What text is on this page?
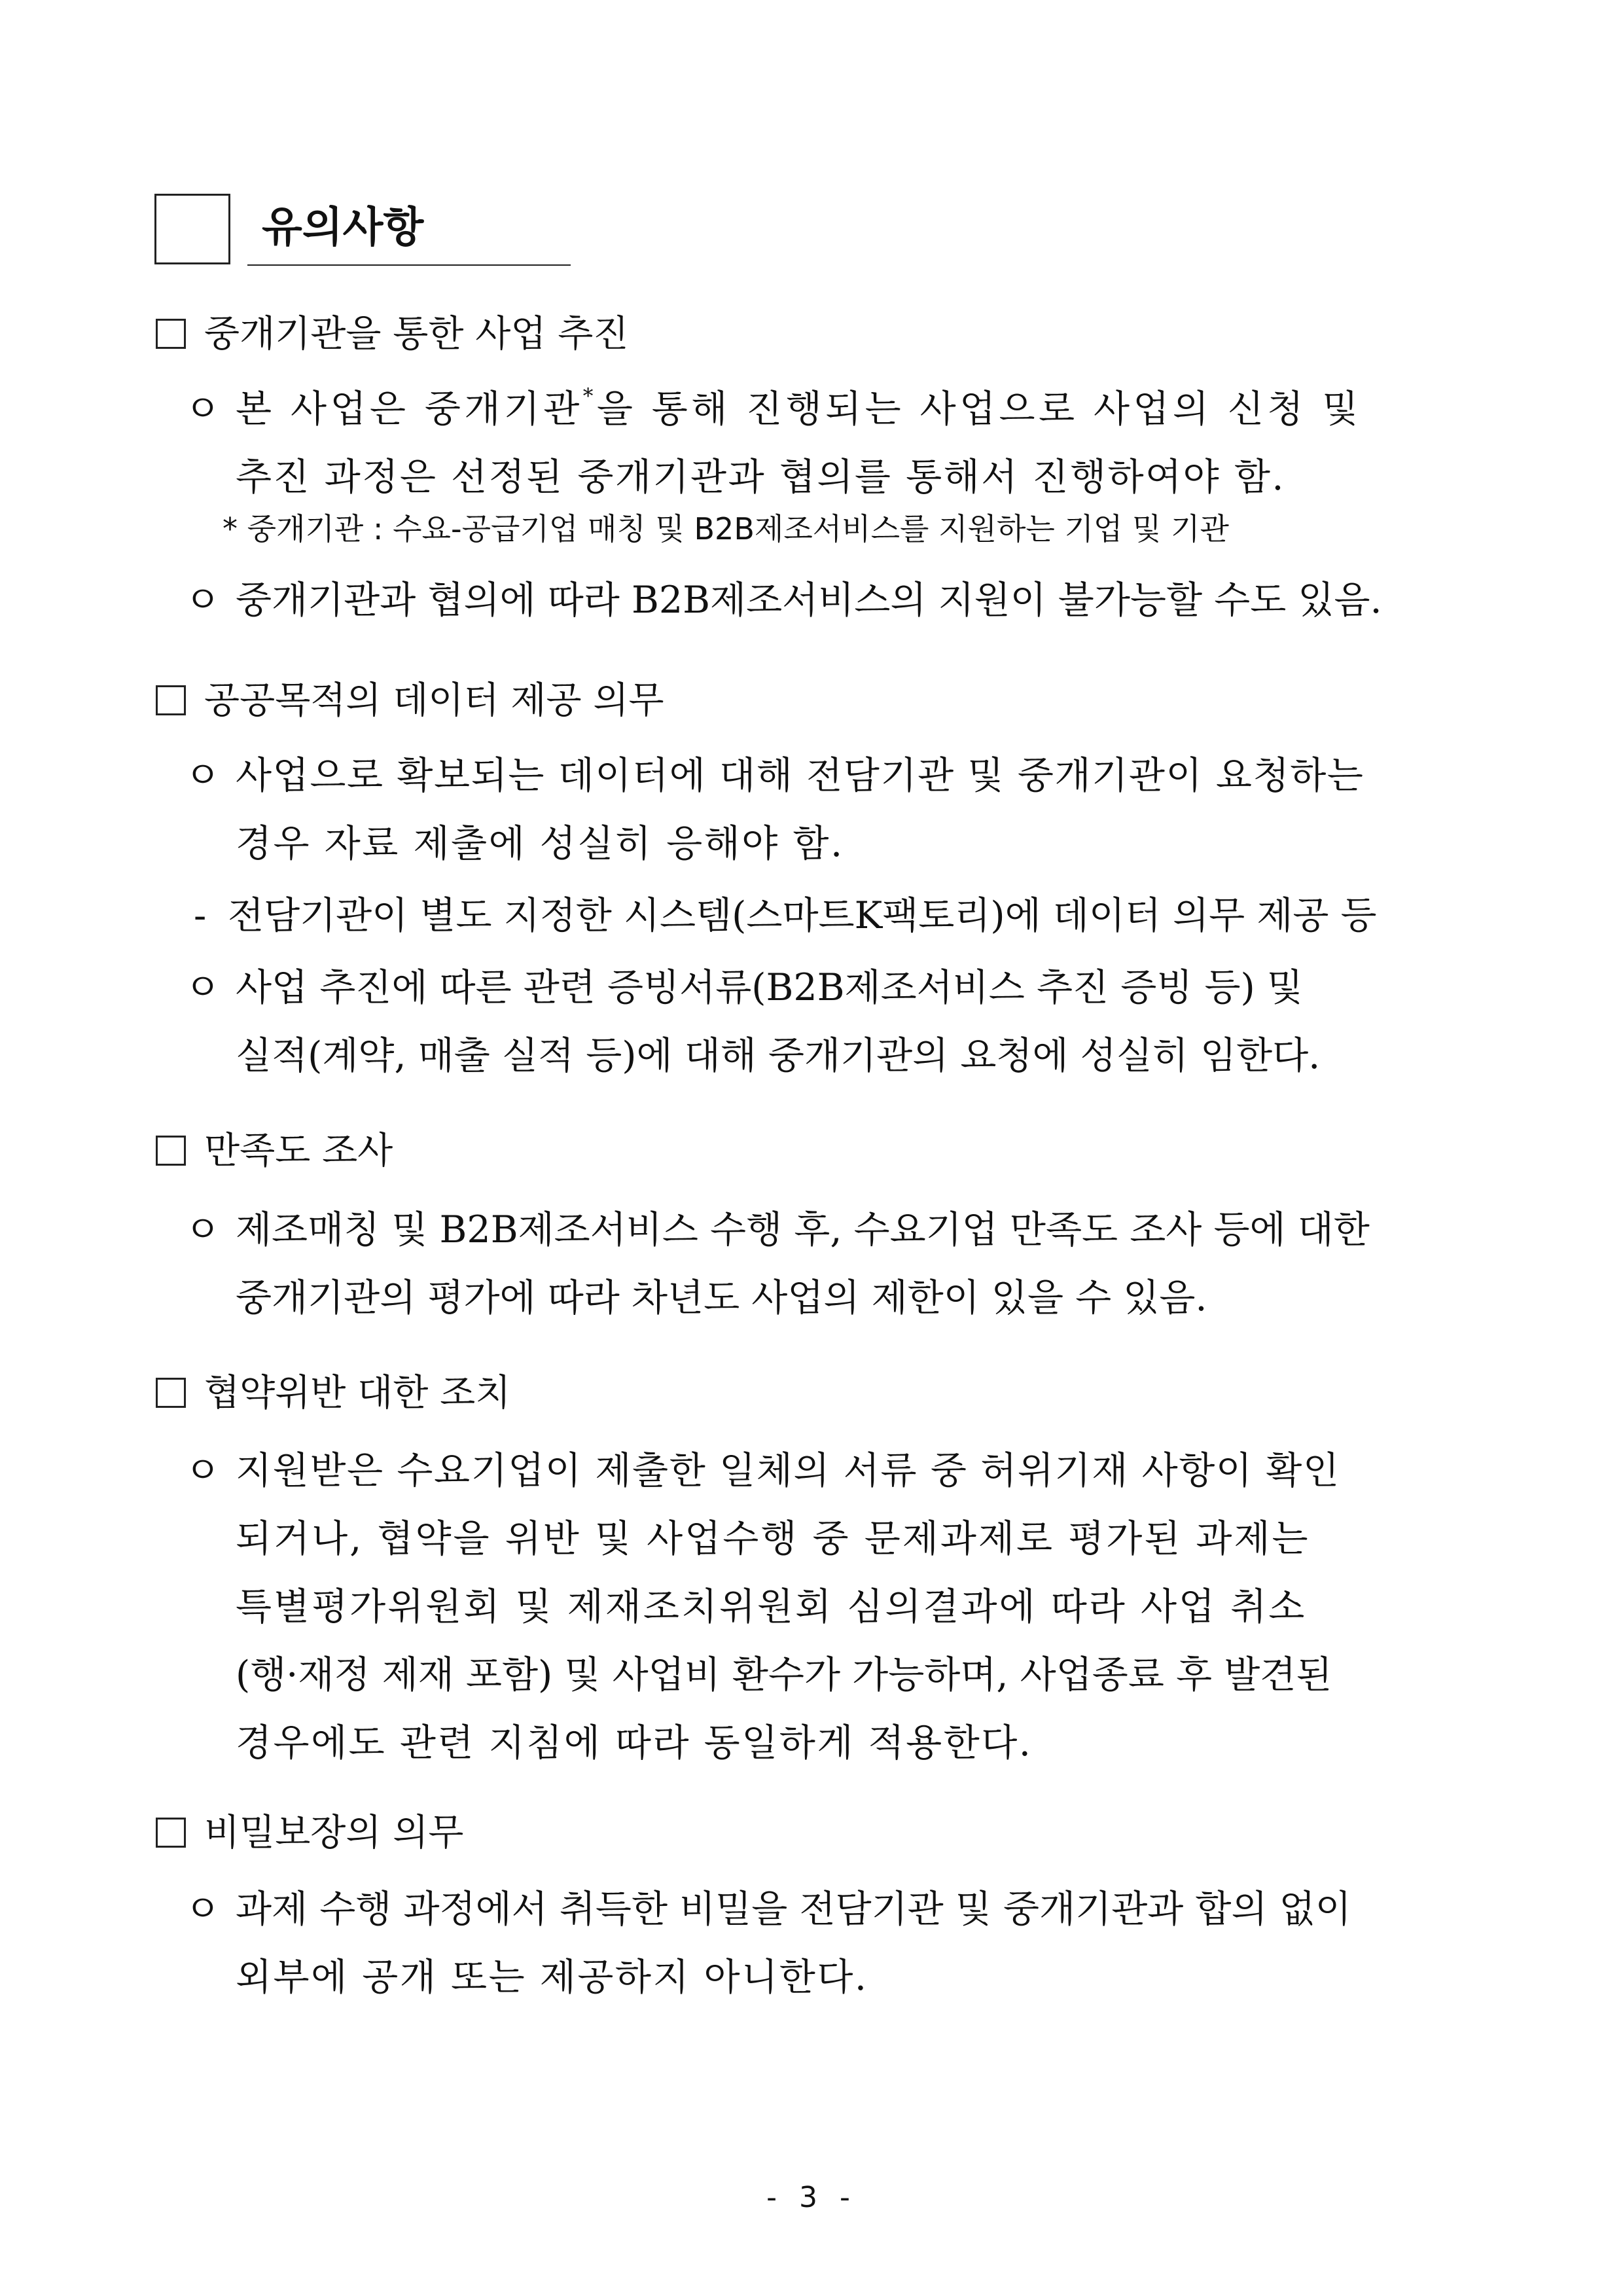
유의사항
중개기관을 통한 사업 추진
ㅇ 본 사업은 중개기관*을 통해 진행되는 사업으로 사업의 신청 및
추진 과정은 선정된 중개기관과 협의를 통해서 진행하여야 함.
* 중개기관 : 수요-공급기업 매칭 및 B2B제조서비스를 지원하는 기업 및 기관
ㅇ 중개기관과 협의에 따라 B2B제조서비스의 지원이 불가능할 수도 있음.
공공목적의 데이터 제공 의무
ㅇ 사업으로 확보되는 데이터에 대해 전담기관 및 중개기관이 요청하는
경우 자료 제출에 성실히 응해야 함.
- 전담기관이 별도 지정한 시스템(스마트K팩토리)에 데이터 의무 제공 등
ㅇ 사업 추진에 따른 관련 증빙서류(B2B제조서비스 추진 증빙 등) 및
실적(계약, 매출 실적 등)에 대해 중개기관의 요청에 성실히 임한다.
만족도 조사
ㅇ 제조매칭 및 B2B제조서비스 수행 후, 수요기업 만족도 조사 등에 대한
중개기관의 평가에 따라 차년도 사업의 제한이 있을 수 있음.
협약위반 대한 조치
ㅇ 지원받은 수요기업이 제출한 일체의 서류 중 허위기재 사항이 확인
되거나, 협약을 위반 및 사업수행 중 문제과제로 평가된 과제는
특별평가위원회 및 제재조치위원회 심의결과에 따라 사업 취소
(행·재정 제재 포함) 및 사업비 환수가 가능하며, 사업종료 후 발견된
경우에도 관련 지침에 따라 동일하게 적용한다.
비밀보장의 의무
ㅇ 과제 수행 과정에서 취득한 비밀을 전담기관 및 중개기관과 합의 없이
외부에 공개 또는 제공하지 아니한다.
- 3 -
